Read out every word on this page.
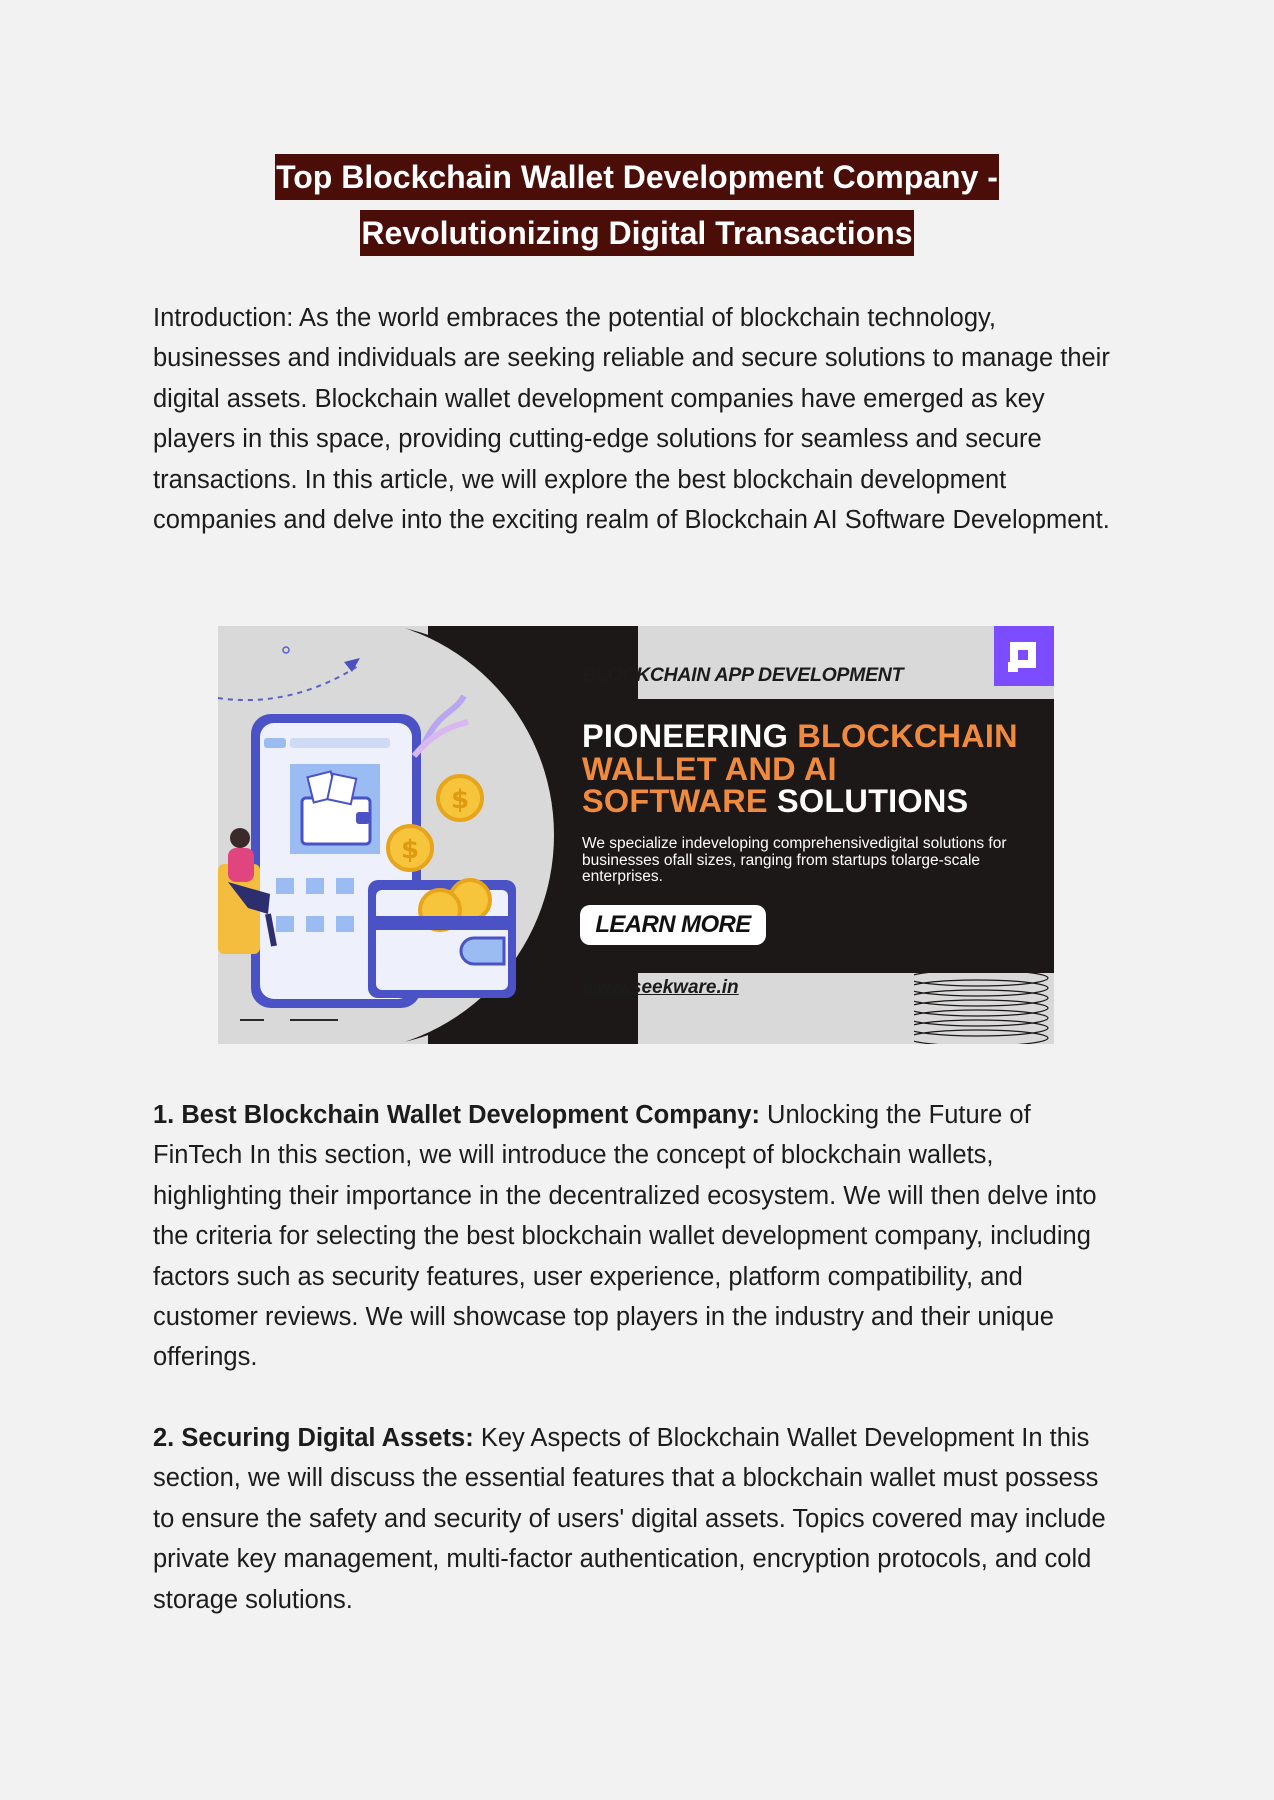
Top Blockchain Wallet Development Company -
Revolutionizing Digital Transactions

Introduction: As the world embraces the potential of blockchain technology, businesses and individuals are seeking reliable and secure solutions to manage their digital assets. Blockchain wallet development companies have emerged as key players in this space, providing cutting-edge solutions for seamless and secure transactions. In this article, we will explore the best blockchain development companies and delve into the exciting realm of Blockchain AI Software Development.

$
$
BLOCKCHAIN APP DEVELOPMENT
PIONEERING BLOCKCHAIN
WALLET AND AI
SOFTWARE SOLUTIONS
We specialize indeveloping comprehensivedigital solutions for businesses ofall sizes, ranging from startups tolarge-scale enterprises.
LEARN MORE
www.seekware.in

1. Best Blockchain Wallet Development Company: Unlocking the Future of FinTech In this section, we will introduce the concept of blockchain wallets, highlighting their importance in the decentralized ecosystem. We will then delve into the criteria for selecting the best blockchain wallet development company, including factors such as security features, user experience, platform compatibility, and customer reviews. We will showcase top players in the industry and their unique offerings.

2. Securing Digital Assets: Key Aspects of Blockchain Wallet Development In this section, we will discuss the essential features that a blockchain wallet must possess to ensure the safety and security of users' digital assets. Topics covered may include private key management, multi-factor authentication, encryption protocols, and cold storage solutions.
